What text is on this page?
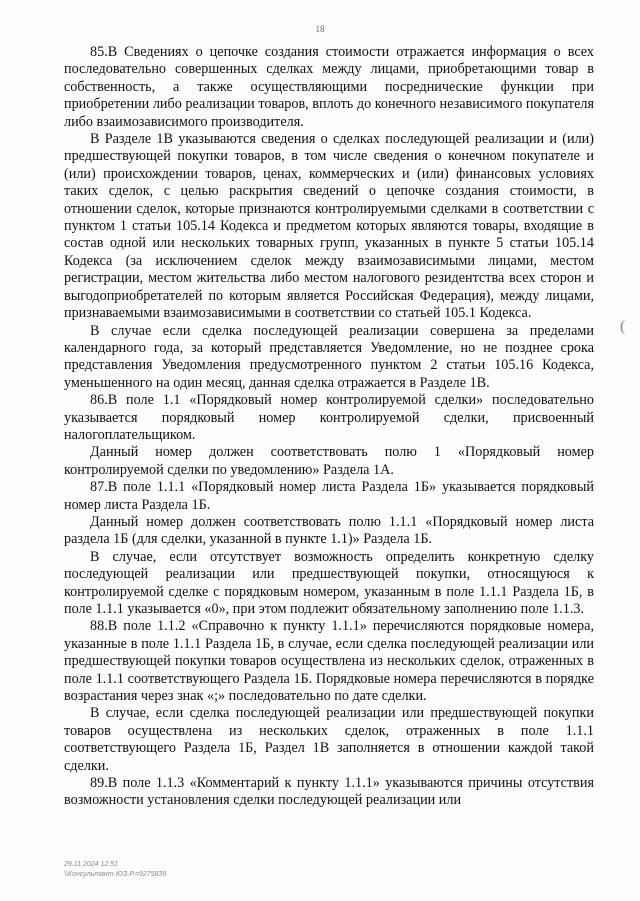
18

85.В Сведениях о цепочке создания стоимости отражается информация о всех последовательно совершенных сделках между лицами, приобретающими товар в собственность, а также осуществляющими посреднические функции при приобретении либо реализации товаров, вплоть до конечного независимого покупателя либо взаимозависимого производителя.

В Разделе 1В указываются сведения о сделках последующей реализации и (или) предшествующей покупки товаров, в том числе сведения о конечном покупателе и (или) происхождении товаров, ценах, коммерческих и (или) финансовых условиях таких сделок, с целью раскрытия сведений о цепочке создания стоимости, в отношении сделок, которые признаются контролируемыми сделками в соответствии с пунктом 1 статьи 105.14 Кодекса и предметом которых являются товары, входящие в состав одной или нескольких товарных групп, указанных в пункте 5 статьи 105.14 Кодекса (за исключением сделок между взаимозависимыми лицами, местом регистрации, местом жительства либо местом налогового резидентства всех сторон и выгодоприобретателей по которым является Российская Федерация), между лицами, признаваемыми взаимозависимыми в соответствии со статьей 105.1 Кодекса.

В случае если сделка последующей реализации совершена за пределами календарного года, за который представляется Уведомление, но не позднее срока представления Уведомления предусмотренного пунктом 2 статьи 105.16 Кодекса, уменьшенного на один месяц, данная сделка отражается в Разделе 1В.

86.В поле 1.1 «Порядковый номер контролируемой сделки» последовательно указывается порядковый номер контролируемой сделки, присвоенный налогоплательщиком.

Данный номер должен соответствовать полю 1 «Порядковый номер контролируемой сделки по уведомлению» Раздела 1А.

87.В поле 1.1.1 «Порядковый номер листа Раздела 1Б» указывается порядковый номер листа Раздела 1Б.

Данный номер должен соответствовать полю 1.1.1 «Порядковый номер листа раздела 1Б (для сделки, указанной в пункте 1.1)» Раздела 1Б.

В случае, если отсутствует возможность определить конкретную сделку последующей реализации или предшествующей покупки, относящуюся к контролируемой сделке с порядковым номером, указанным в поле 1.1.1 Раздела 1Б, в поле 1.1.1 указывается «0», при этом подлежит обязательному заполнению поле 1.1.3.

88.В поле 1.1.2 «Справочно к пункту 1.1.1» перечисляются порядковые номера, указанные в поле 1.1.1 Раздела 1Б, в случае, если сделка последующей реализации или предшествующей покупки товаров осуществлена из нескольких сделок, отраженных в поле 1.1.1 соответствующего Раздела 1Б. Порядковые номера перечисляются в порядке возрастания через знак «;» последовательно по дате сделки.

В случае, если сделка последующей реализации или предшествующей покупки товаров осуществлена из нескольких сделок, отраженных в поле 1.1.1 соответствующего Раздела 1Б, Раздел 1В заполняется в отношении каждой такой сделки.

89.В поле 1.1.3 «Комментарий к пункту 1.1.1» указываются причины отсутствия возможности установления сделки последующей реализации или

(
29.11.2024 12:51
\\Консультант·ЮЗ.Р.=9275839
